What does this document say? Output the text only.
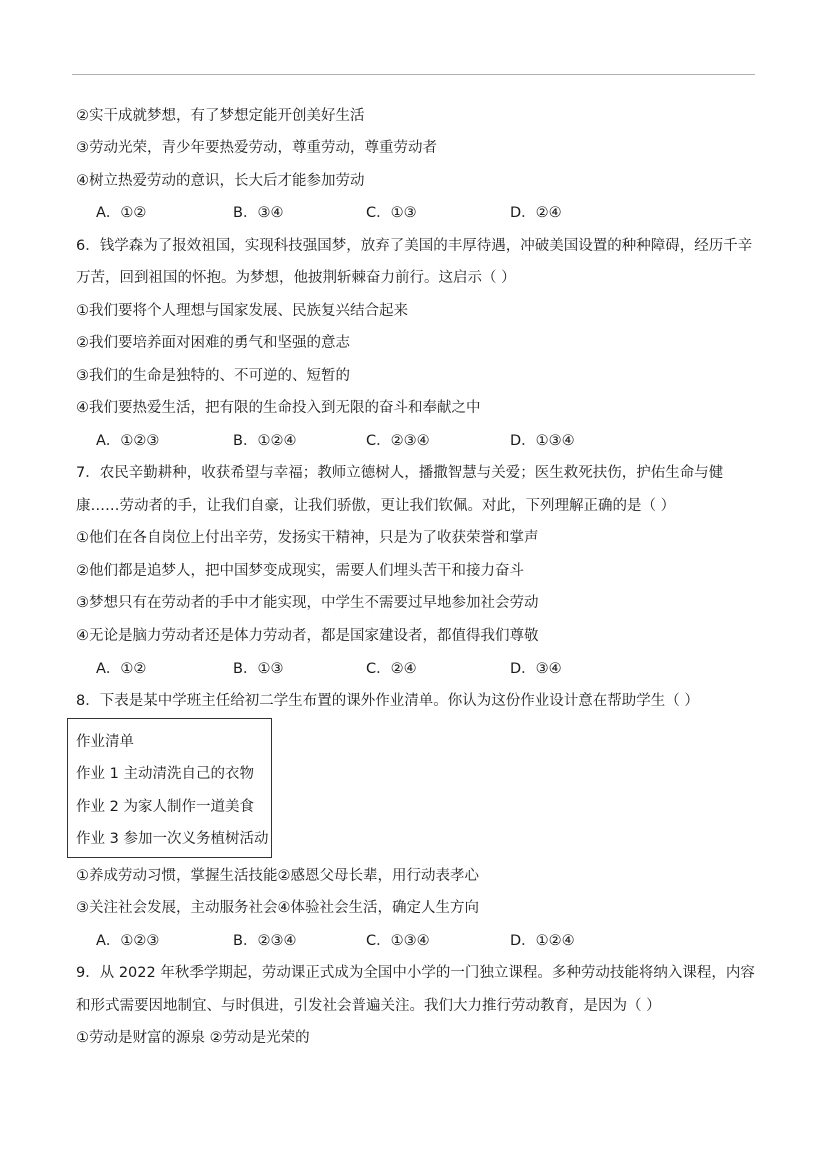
②实干成就梦想，有了梦想定能开创美好生活
③劳动光荣，青少年要热爱劳动，尊重劳动，尊重劳动者
④树立热爱劳动的意识，长大后才能参加劳动
A．①②	B．③④	C．①③	D．②④
6．钱学森为了报效祖国，实现科技强国梦，放弃了美国的丰厚待遇，冲破美国设置的种种障碍，经历千辛
万苦，回到祖国的怀抱。为梦想，他披荆斩棘奋力前行。这启示（ ）
①我们要将个人理想与国家发展、民族复兴结合起来
②我们要培养面对困难的勇气和坚强的意志
③我们的生命是独特的、不可逆的、短暂的
④我们要热爱生活，把有限的生命投入到无限的奋斗和奉献之中
A．①②③	B．①②④	C．②③④	D．①③④
7．农民辛勤耕种，收获希望与幸福；教师立德树人，播撒智慧与关爱；医生救死扶伤，护佑生命与健
康……劳动者的手，让我们自豪，让我们骄傲，更让我们钦佩。对此，下列理解正确的是（ ）
①他们在各自岗位上付出辛劳，发扬实干精神，只是为了收获荣誉和掌声
②他们都是追梦人，把中国梦变成现实，需要人们埋头苦干和接力奋斗
③梦想只有在劳动者的手中才能实现，中学生不需要过早地参加社会劳动
④无论是脑力劳动者还是体力劳动者，都是国家建设者，都值得我们尊敬
A．①②	B．①③	C．②④	D．③④
8．下表是某中学班主任给初二学生布置的课外作业清单。你认为这份作业设计意在帮助学生（ ）
作业清单
作业 1 主动清洗自己的衣物
作业 2 为家人制作一道美食
作业 3 参加一次义务植树活动
①养成劳动习惯，掌握生活技能②感恩父母长辈，用行动表孝心
③关注社会发展，主动服务社会④体验社会生活，确定人生方向
A．①②③	B．②③④	C．①③④	D．①②④
9．从 2022 年秋季学期起，劳动课正式成为全国中小学的一门独立课程。多种劳动技能将纳入课程，内容
和形式需要因地制宜、与时俱进，引发社会普遍关注。我们大力推行劳动教育，是因为（ ）
①劳动是财富的源泉 ②劳动是光荣的
